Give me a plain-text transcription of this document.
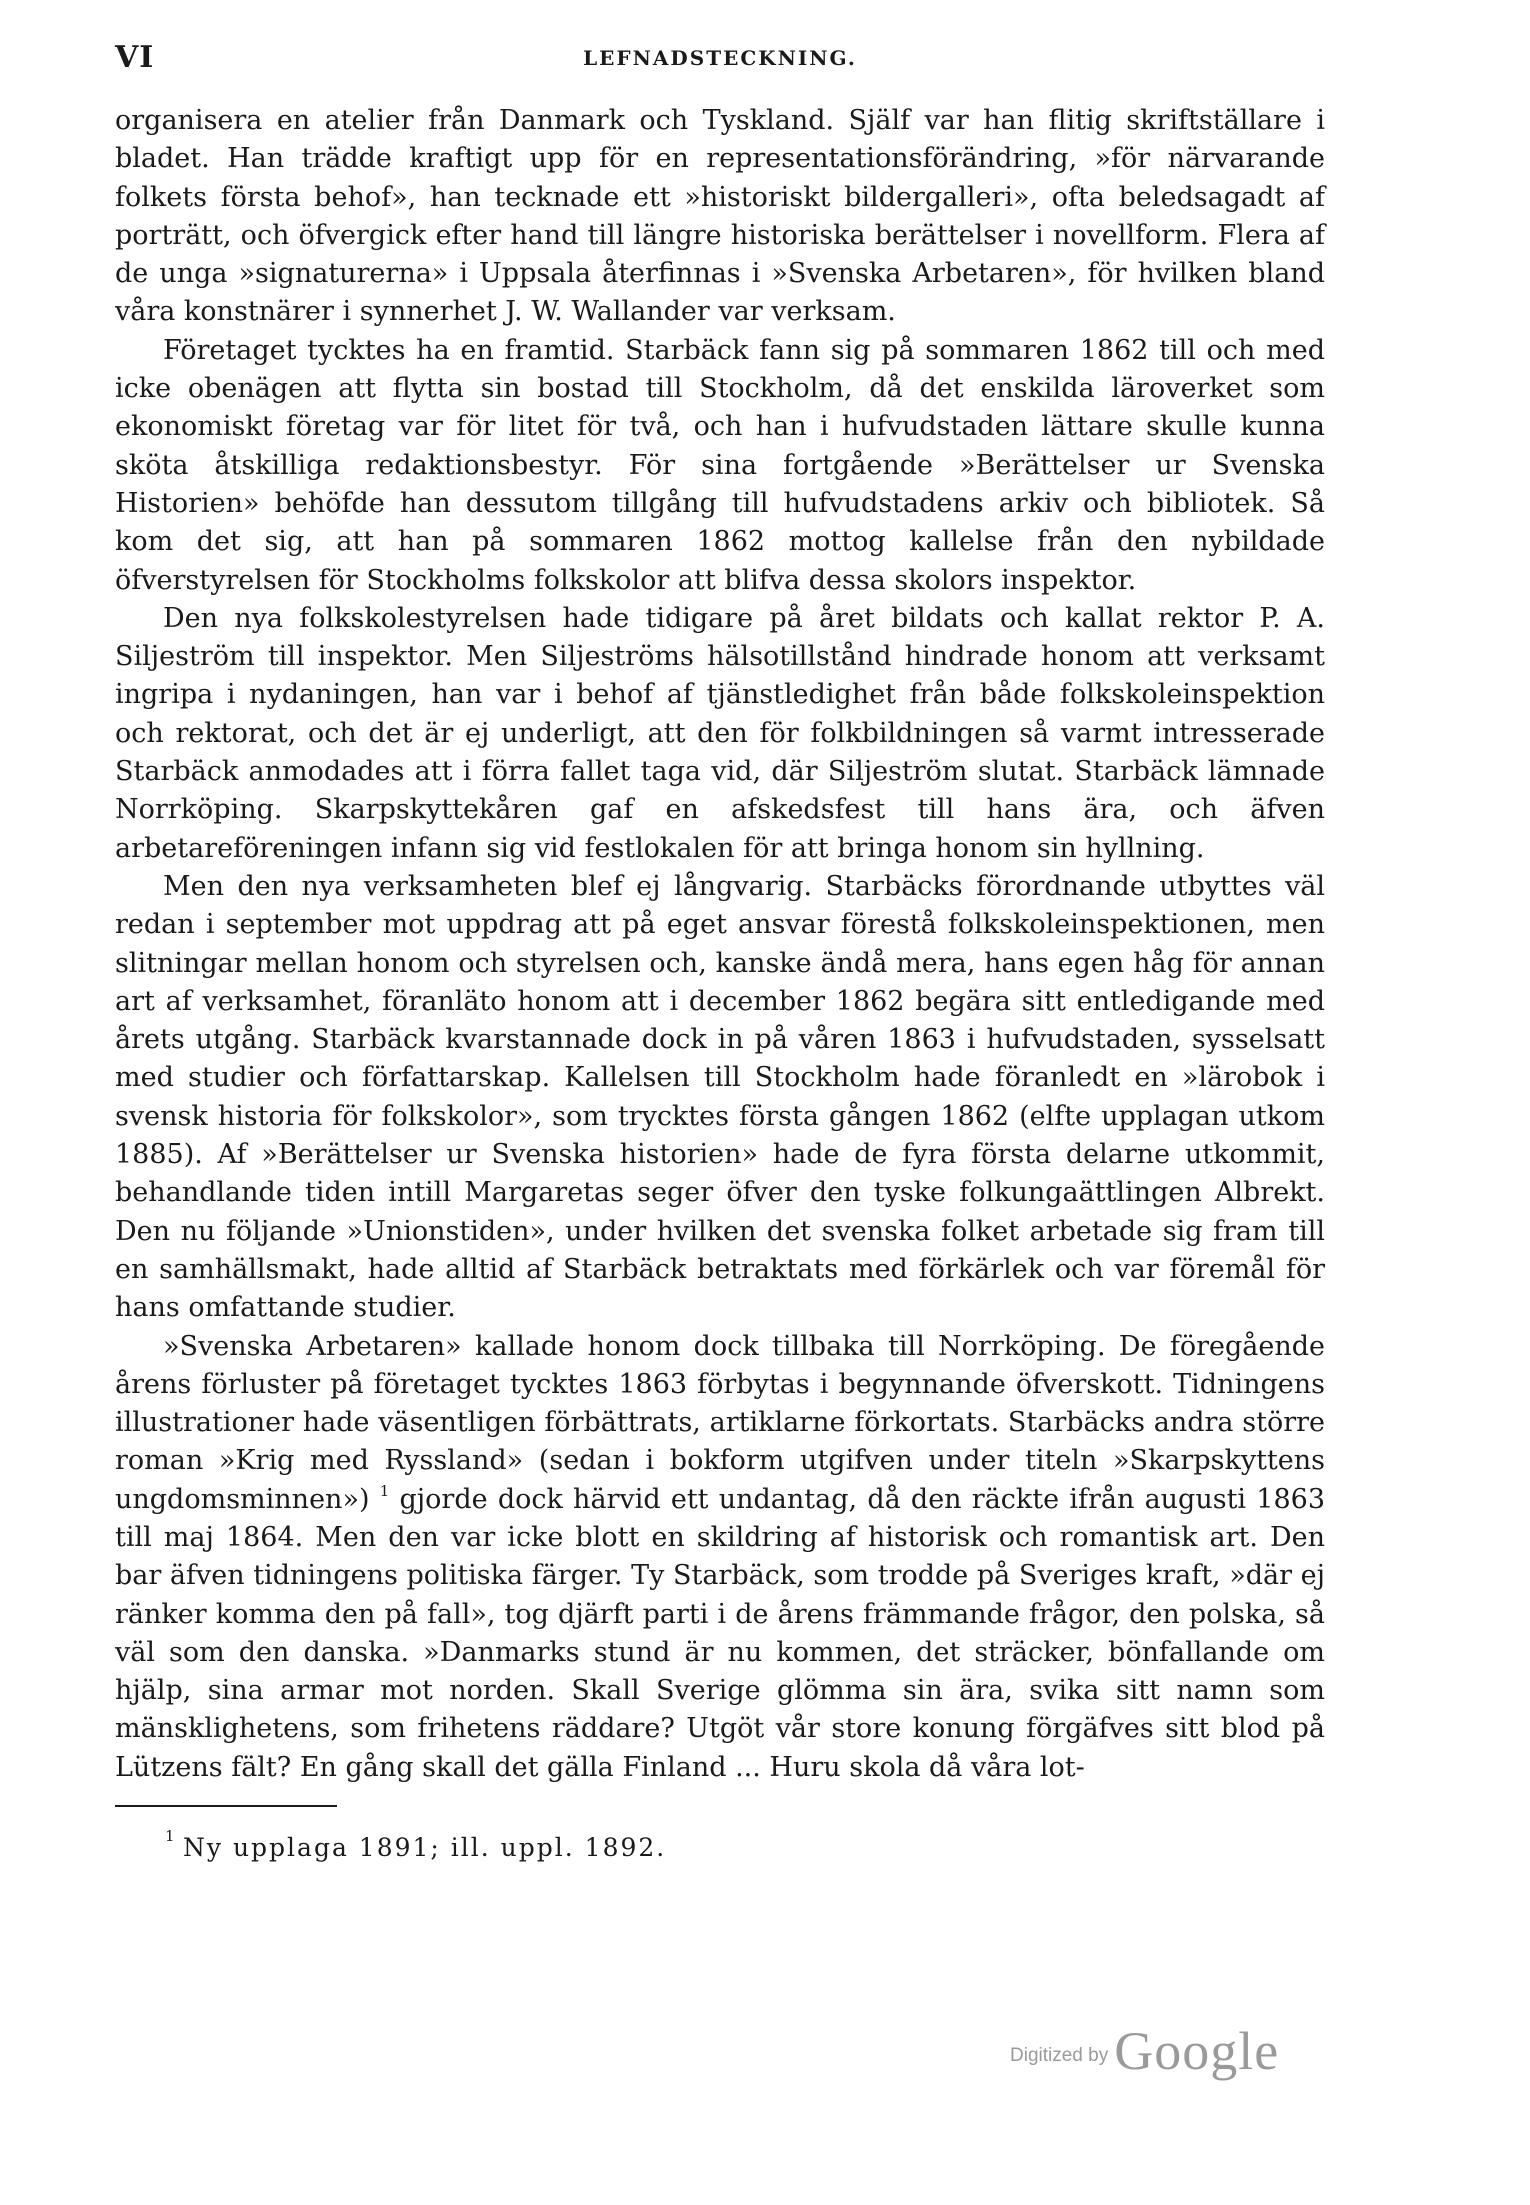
VI	LEFNADSTECKNING.

organisera en atelier från Danmark och Tyskland. Själf var han flitig skriftställare i bladet. Han trädde kraftigt upp för en representationsförändring, »för närvarande folkets första behof», han tecknade ett »historiskt bildergalleri», ofta beledsagadt af porträtt, och öfvergick efter hand till längre historiska berättelser i novellform. Flera af de unga »signaturerna» i Uppsala återfinnas i »Svenska Arbetaren», för hvilken bland våra konstnärer i synnerhet J. W. Wallander var verksam.

Företaget tycktes ha en framtid. Starbäck fann sig på sommaren 1862 till och med icke obenägen att flytta sin bostad till Stockholm, då det enskilda läroverket som ekonomiskt företag var för litet för två, och han i hufvudstaden lättare skulle kunna sköta åtskilliga redaktionsbestyr. För sina fortgående »Berättelser ur Svenska Historien» behöfde han dessutom tillgång till hufvudstadens arkiv och bibliotek. Så kom det sig, att han på sommaren 1862 mottog kallelse från den nybildade öfverstyrelsen för Stockholms folkskolor att blifva dessa skolors inspektor.

Den nya folkskolestyrelsen hade tidigare på året bildats och kallat rektor P. A. Siljeström till inspektor. Men Siljeströms hälsotillstånd hindrade honom att verksamt ingripa i nydaningen, han var i behof af tjänstledighet från både folkskoleinspektion och rektorat, och det är ej underligt, att den för folkbildningen så varmt intresserade Starbäck anmodades att i förra fallet taga vid, där Siljeström slutat. Starbäck lämnade Norrköping. Skarpskyttekåren gaf en afskedsfest till hans ära, och äfven arbetareföreningen infann sig vid festlokalen för att bringa honom sin hyllning.

Men den nya verksamheten blef ej långvarig. Starbäcks förordnande utbyttes väl redan i september mot uppdrag att på eget ansvar förestå folkskoleinspektionen, men slitningar mellan honom och styrelsen och, kanske ändå mera, hans egen håg för annan art af verksamhet, föranläto honom att i december 1862 begära sitt entledigande med årets utgång. Starbäck kvarstannade dock in på våren 1863 i hufvudstaden, sysselsatt med studier och författarskap. Kallelsen till Stockholm hade föranledt en »lärobok i svensk historia för folkskolor», som trycktes första gången 1862 (elfte upplagan utkom 1885). Af »Berättelser ur Svenska historien» hade de fyra första delarne utkommit, behandlande tiden intill Margaretas seger öfver den tyske folkungaättlingen Albrekt. Den nu följande »Unionstiden», under hvilken det svenska folket arbetade sig fram till en samhällsmakt, hade alltid af Starbäck betraktats med förkärlek och var föremål för hans omfattande studier.

»Svenska Arbetaren» kallade honom dock tillbaka till Norrköping. De föregående årens förluster på företaget tycktes 1863 förbytas i begynnande öfverskott. Tidningens illustrationer hade väsentligen förbättrats, artiklarne förkortats. Starbäcks andra större roman »Krig med Ryssland» (sedan i bokform utgifven under titeln »Skarpskyttens ungdomsminnen») $^1$ gjorde dock härvid ett undantag, då den räckte ifrån augusti 1863 till maj 1864. Men den var icke blott en skildring af historisk och romantisk art. Den bar äfven tidningens politiska färger. Ty Starbäck, som trodde på Sveriges kraft, »där ej ränker komma den på fall», tog djärft parti i de årens främmande frågor, den polska, så väl som den danska. »Danmarks stund är nu kommen, det sträcker, bönfallande om hjälp, sina armar mot norden. Skall Sverige glömma sin ära, svika sitt namn som mänsklighetens, som frihetens räddare? Utgöt vår store konung förgäfves sitt blod på Lützens fält? En gång skall det gälla Finland ... Huru skola då våra lot-

1 Ny upplaga 1891; ill. uppl. 1892.
Digitized by Google
